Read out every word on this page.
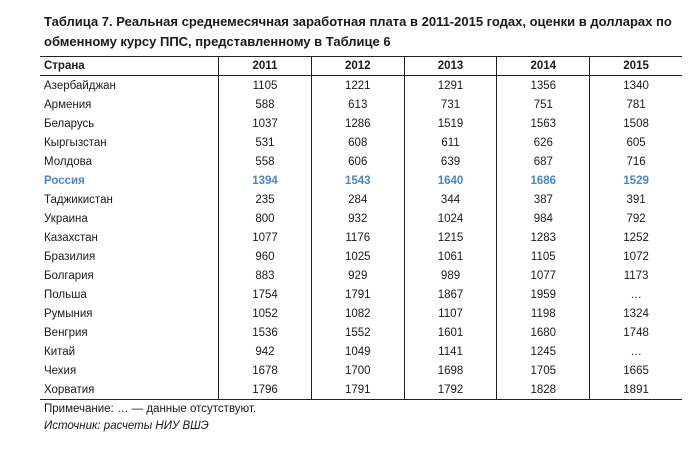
Таблица 7. Реальная среднемесячная заработная плата в 2011-2015 годах, оценки в долларах по обменному курсу ППС, представленному в Таблице 6
Страна	2011	2012	2013	2014	2015
Азербайджан	1105	1221	1291	1356	1340
Армения	588	613	731	751	781
Беларусь	1037	1286	1519	1563	1508
Кыргызстан	531	608	611	626	605
Молдова	558	606	639	687	716
Россия	1394	1543	1640	1686	1529
Таджикистан	235	284	344	387	391
Украина	800	932	1024	984	792
Казахстан	1077	1176	1215	1283	1252
Бразилия	960	1025	1061	1105	1072
Болгария	883	929	989	1077	1173
Польша	1754	1791	1867	1959	…
Румыния	1052	1082	1107	1198	1324
Венгрия	1536	1552	1601	1680	1748
Китай	942	1049	1141	1245	…
Чехия	1678	1700	1698	1705	1665
Хорватия	1796	1791	1792	1828	1891
Примечание: … — данные отсутствуют.
Источник: расчеты НИУ ВШЭ
